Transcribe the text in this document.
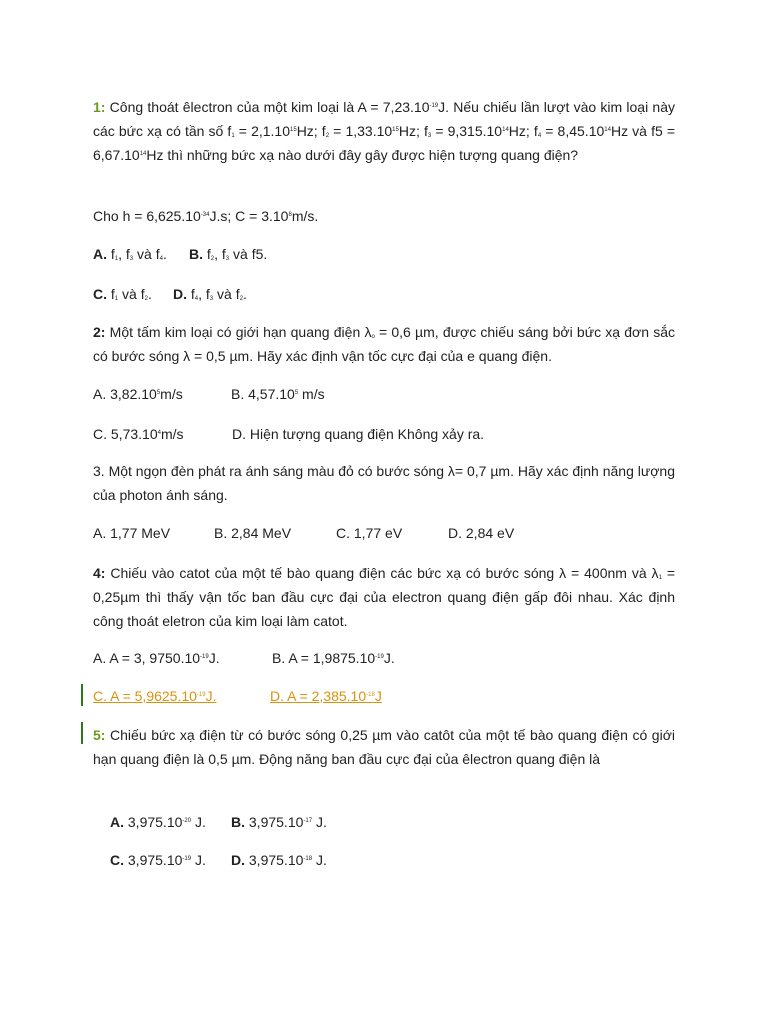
1: Công thoát êlectron của một kim loại là $A = 7,23.10^{-19}J$. Nếu chiếu lần lượt vào kim loại này các bức xạ có tần số $f_1 = 2,1.10^{15}Hz$; $f_2 = 1,33.10^{15}Hz$; $f_3 = 9,315.10^{14}Hz$; $f_4 = 8,45.10^{14}Hz$ và $f5 = 6,67.10^{14}Hz$ thì những bức xạ nào dưới đây gây được hiện tượng quang điện?
Cho $h = 6,625.10^{-34}J.s$; $C = 3.10^8m/s$.
A. $f_1$, $f_3$ và $f_4$. B. $f_2$, $f_3$ và f5.
C. $f_1$ và $f_2$. D. $f_4$, $f_3$ và $f_2$.
2: Một tấm kim loại có giới hạn quang điện $\lambda_o = 0,6$ µm, được chiếu sáng bởi bức xạ đơn sắc có bước sóng λ = 0,5 µm. Hãy xác định vận tốc cực đại của e quang điện.
A. 3,82.10$^5$m/s	B. 4,57.10$^5$ m/s
C. 5,73.10$^4$m/s	D. Hiện tượng quang điện Không xảy ra.
3. Một ngọn đèn phát ra ánh sáng màu đỏ có bước sóng λ= 0,7 µm. Hãy xác định năng lượng của photon ánh sáng.
A. 1,77 MeV	B. 2,84 MeV	C. 1,77 eV	D. 2,84 eV
4: Chiếu vào catot của một tế bào quang điện các bức xạ có bước sóng λ = 400nm và $\lambda_1 = 0,25\mu m$ thì thấy vận tốc ban đầu cực đại của electron quang điện gấp đôi nhau. Xác định công thoát eletron của kim loại làm catot.
A. A = 3, $9750.10^{-19}J$.	B. $A = 1,9875.10^{-19}J$.
C. $A = 5,9625.10^{-19}J$.	D. $A = 2,385.10^{-18}J$
5: Chiếu bức xạ điện từ có bước sóng 0,25 µm vào catôt của một tế bào quang điện có giới hạn quang điện là 0,5 µm. Động năng ban đầu cực đại của êlectron quang điện là
A. $3,975.10^{-20}$ J. B. $3,975.10^{-17}$ J.
C. $3,975.10^{-19}$ J. D. $3,975.10^{-18}$ J.
